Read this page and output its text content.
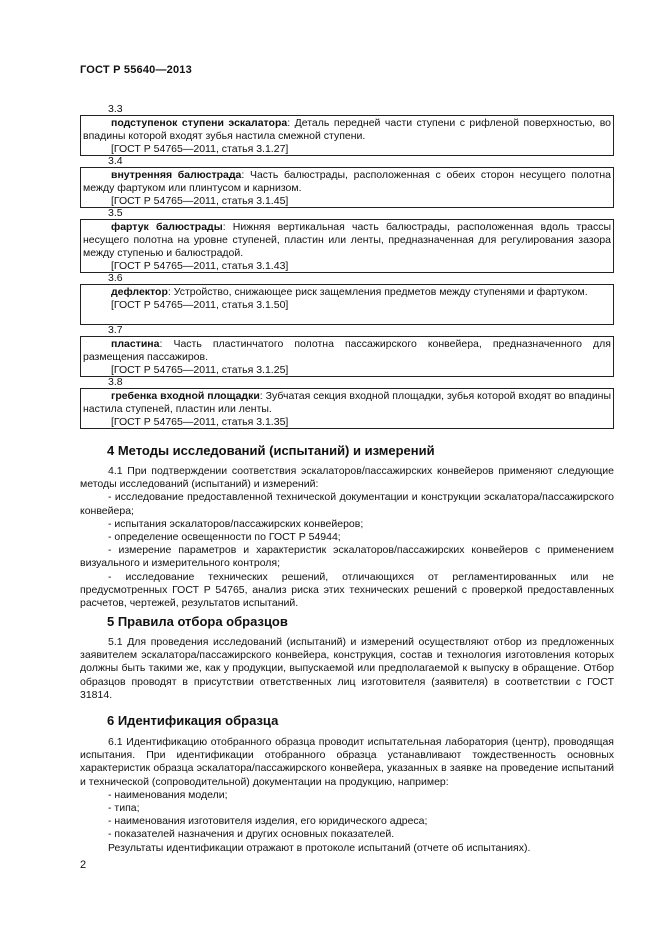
ГОСТ Р 55640—2013
3.3

подступенок ступени эскалатора: Деталь передней части ступени с рифленой поверхностью, во впадины которой входят зубья настила смежной ступени.

[ГОСТ Р 54765—2011, статья 3.1.27]

3.4

внутренняя балюстрада: Часть балюстрады, расположенная с обеих сторон несущего полотна между фартуком или плинтусом и карнизом.

[ГОСТ Р 54765—2011, статья 3.1.45]

3.5

фартук балюстрады: Нижняя вертикальная часть балюстрады, расположенная вдоль трассы несущего полотна на уровне ступеней, пластин или ленты, предназначенная для регулирования зазора между ступенью и балюстрадой.

[ГОСТ Р 54765—2011, статья 3.1.43]

3.6

дефлектор: Устройство, снижающее риск защемления предметов между ступенями и фартуком.

[ГОСТ Р 54765—2011, статья 3.1.50]

3.7

пластина: Часть пластинчатого полотна пассажирского конвейера, предназначенного для размещения пассажиров.

[ГОСТ Р 54765—2011, статья 3.1.25]

3.8

гребенка входной площадки: Зубчатая секция входной площадки, зубья которой входят во впадины настила ступеней, пластин или ленты.

[ГОСТ Р 54765—2011, статья 3.1.35]

4 Методы исследований (испытаний) и измерений

4.1 При подтверждении соответствия эскалаторов/пассажирских конвейеров применяют следующие методы исследований (испытаний) и измерений:

- исследование предоставленной технической документации и конструкции эскалатора/пассажирского конвейера;

- испытания эскалаторов/пассажирских конвейеров;

- определение освещенности по ГОСТ Р 54944;

- измерение параметров и характеристик эскалаторов/пассажирских конвейеров с применением визуального и измерительного контроля;

- исследование технических решений, отличающихся от регламентированных или не предусмотренных ГОСТ Р 54765, анализ риска этих технических решений с проверкой предоставленных расчетов, чертежей, результатов испытаний.

5 Правила отбора образцов

5.1 Для проведения исследований (испытаний) и измерений осуществляют отбор из предложенных заявителем эскалатора/пассажирского конвейера, конструкция, состав и технология изготовления которых должны быть такими же, как у продукции, выпускаемой или предполагаемой к выпуску в обращение. Отбор образцов проводят в присутствии ответственных лиц изготовителя (заявителя) в соответствии с ГОСТ 31814.

6 Идентификация образца

6.1 Идентификацию отобранного образца проводит испытательная лаборатория (центр), проводящая испытания. При идентификации отобранного образца устанавливают тождественность основных характеристик образца эскалатора/пассажирского конвейера, указанных в заявке на проведение испытаний и технической (сопроводительной) документации на продукцию, например:

- наименования модели;

- типа;

- наименования изготовителя изделия, его юридического адреса;

- показателей назначения и других основных показателей.

Результаты идентификации отражают в протоколе испытаний (отчете об испытаниях).

2
